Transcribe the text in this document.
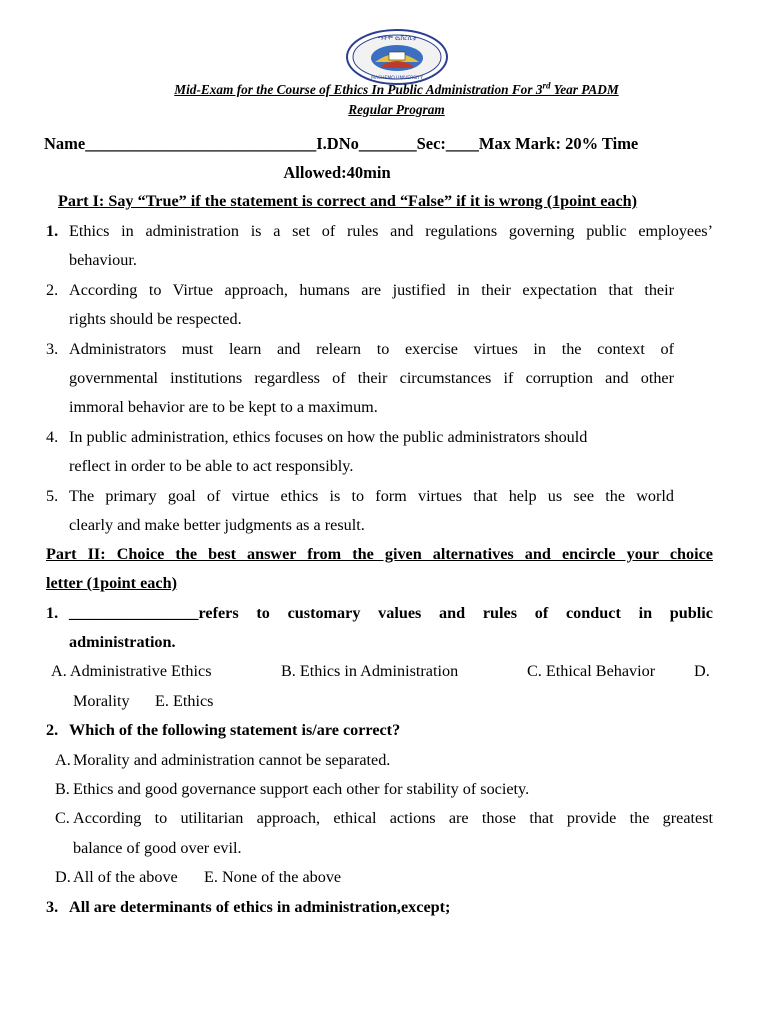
ማቸሞ ዩኒቨርሲቲ
MACHEMO UNIVERSITY
Mid-Exam for the Course of Ethics In Public Administration For 3rd Year PADM
Regular Program
Name____________________________I.DNo_______Sec:____Max Mark: 20% Time
Allowed:40min
Part I: Say “True” if the statement is correct and “False” if it is wrong (1point each)
1. Ethics in administration is a set of rules and regulations governing public employees’
behaviour.
2. According to Virtue approach, humans are justified in their expectation that their
rights should be respected.
3. Administrators must learn and relearn to exercise virtues in the context of
governmental institutions regardless of their circumstances if corruption and other
immoral behavior are to be kept to a maximum.
4. In public administration, ethics focuses on how the public administrators should
reflect in order to be able to act responsibly.
5. The primary goal of virtue ethics is to form virtues that help us see the world
clearly and make better judgments as a result.
Part II: Choice the best answer from the given alternatives and encircle your choice
letter (1point each)
1. ________________refers to customary values and rules of conduct in public
administration.
A. Administrative Ethics	B. Ethics in Administration	C. Ethical Behavior D.
Morality E. Ethics
2. Which of the following statement is/are correct?
A. Morality and administration cannot be separated.
B. Ethics and good governance support each other for stability of society.
C. According to utilitarian approach, ethical actions are those that provide the greatest
balance of good over evil.
D. All of the above E. None of the above
3. All are determinants of ethics in administration,except;
